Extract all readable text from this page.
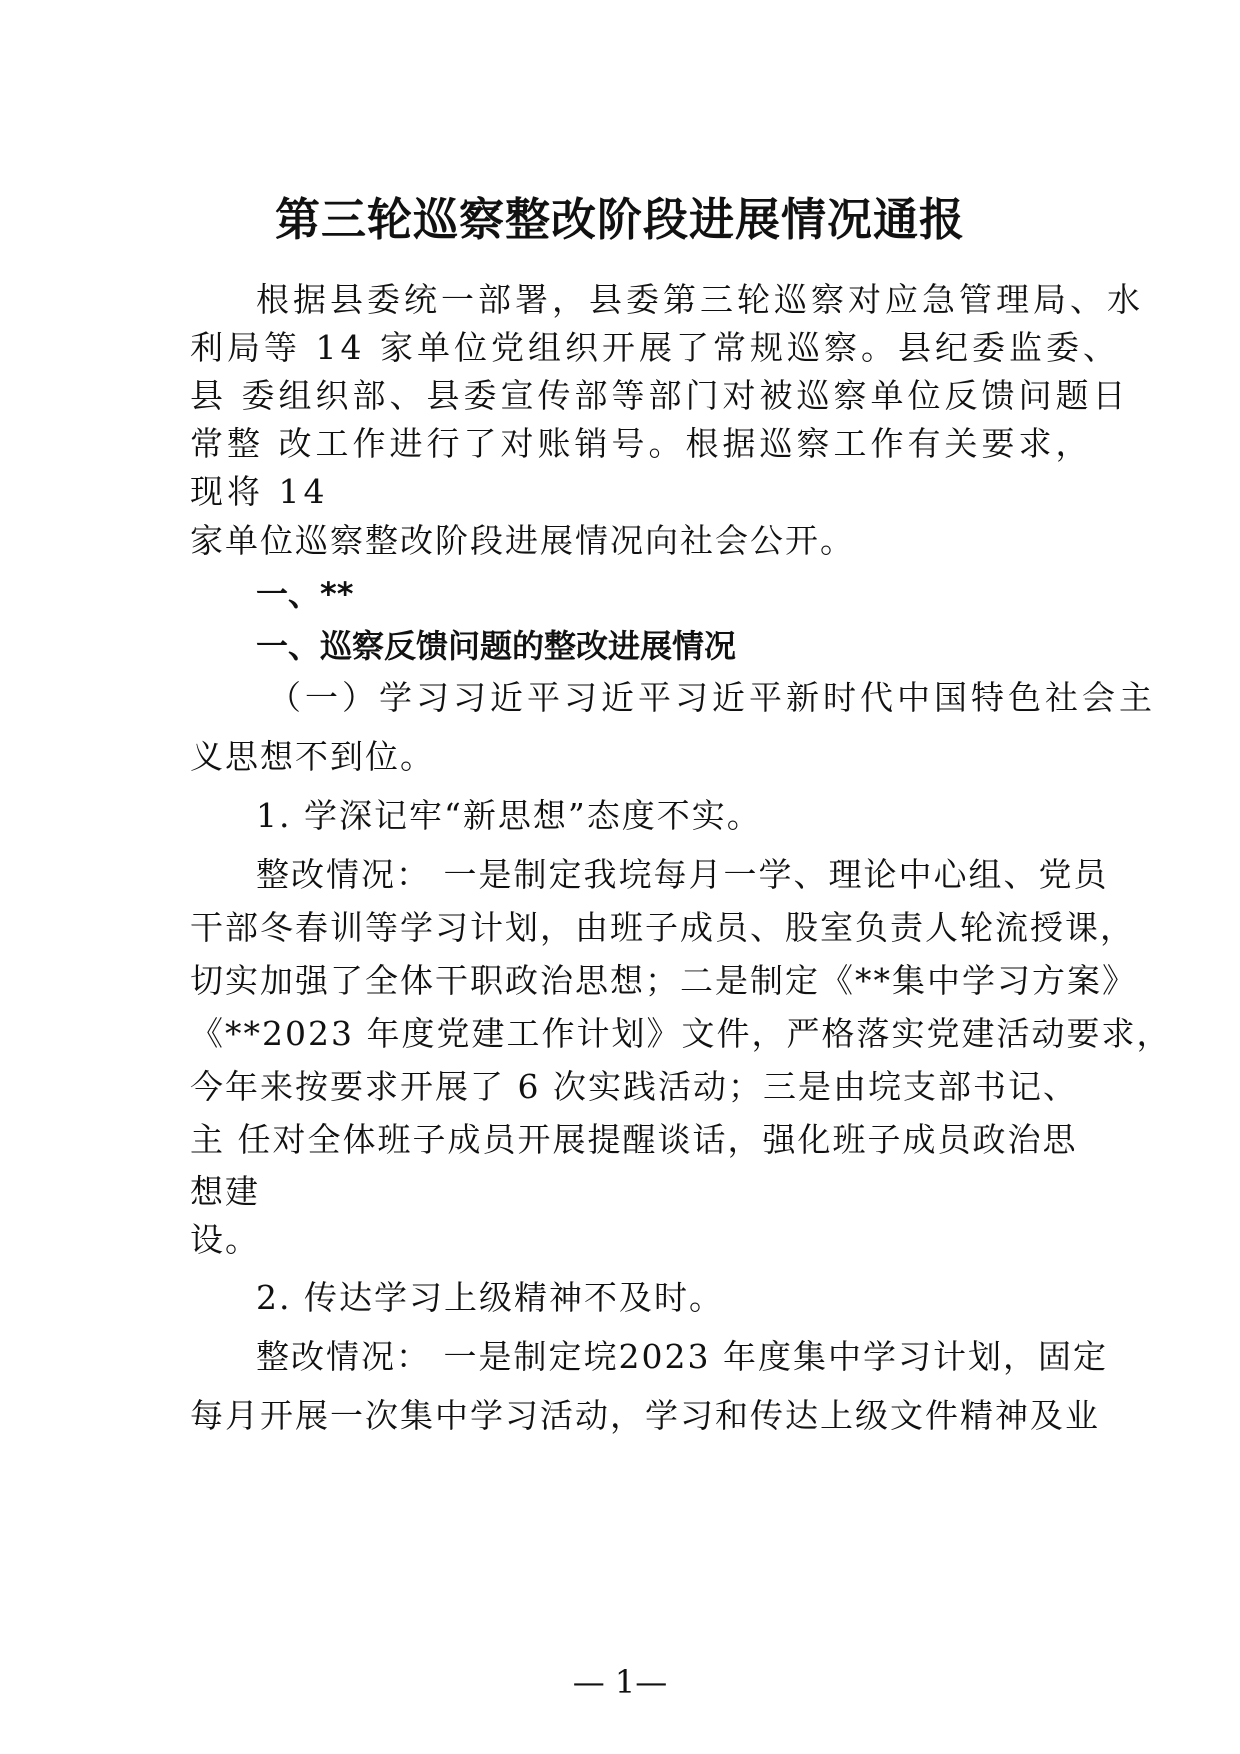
第三轮巡察整改阶段进展情况通报
根据县委统一部署，县委第三轮巡察对应急管理局、水
利局等 14 家单位党组织开展了常规巡察。县纪委监委、
县 委组织部、县委宣传部等部门对被巡察单位反馈问题日
常整 改工作进行了对账销号。根据巡察工作有关要求，
现将 14
家单位巡察整改阶段进展情况向社会公开。
一、**
一、巡察反馈问题的整改进展情况
（一）学习习近平习近平习近平新时代中国特色社会主
义思想不到位。
1. 学深记牢“新思想”态度不实。
整改情况： 一是制定我垸每月一学、理论中心组、党员
干部冬春训等学习计划，由班子成员、股室负责人轮流授课，
切实加强了全体干职政治思想；二是制定《**集中学习方案》
《**2023 年度党建工作计划》文件，严格落实党建活动要求，
今年来按要求开展了 6 次实践活动；三是由垸支部书记、
主 任对全体班子成员开展提醒谈话，强化班子成员政治思
想建
设。
2. 传达学习上级精神不及时。
整改情况： 一是制定垸2023 年度集中学习计划，固定
每月开展一次集中学习活动，学习和传达上级文件精神及业
— 1—
